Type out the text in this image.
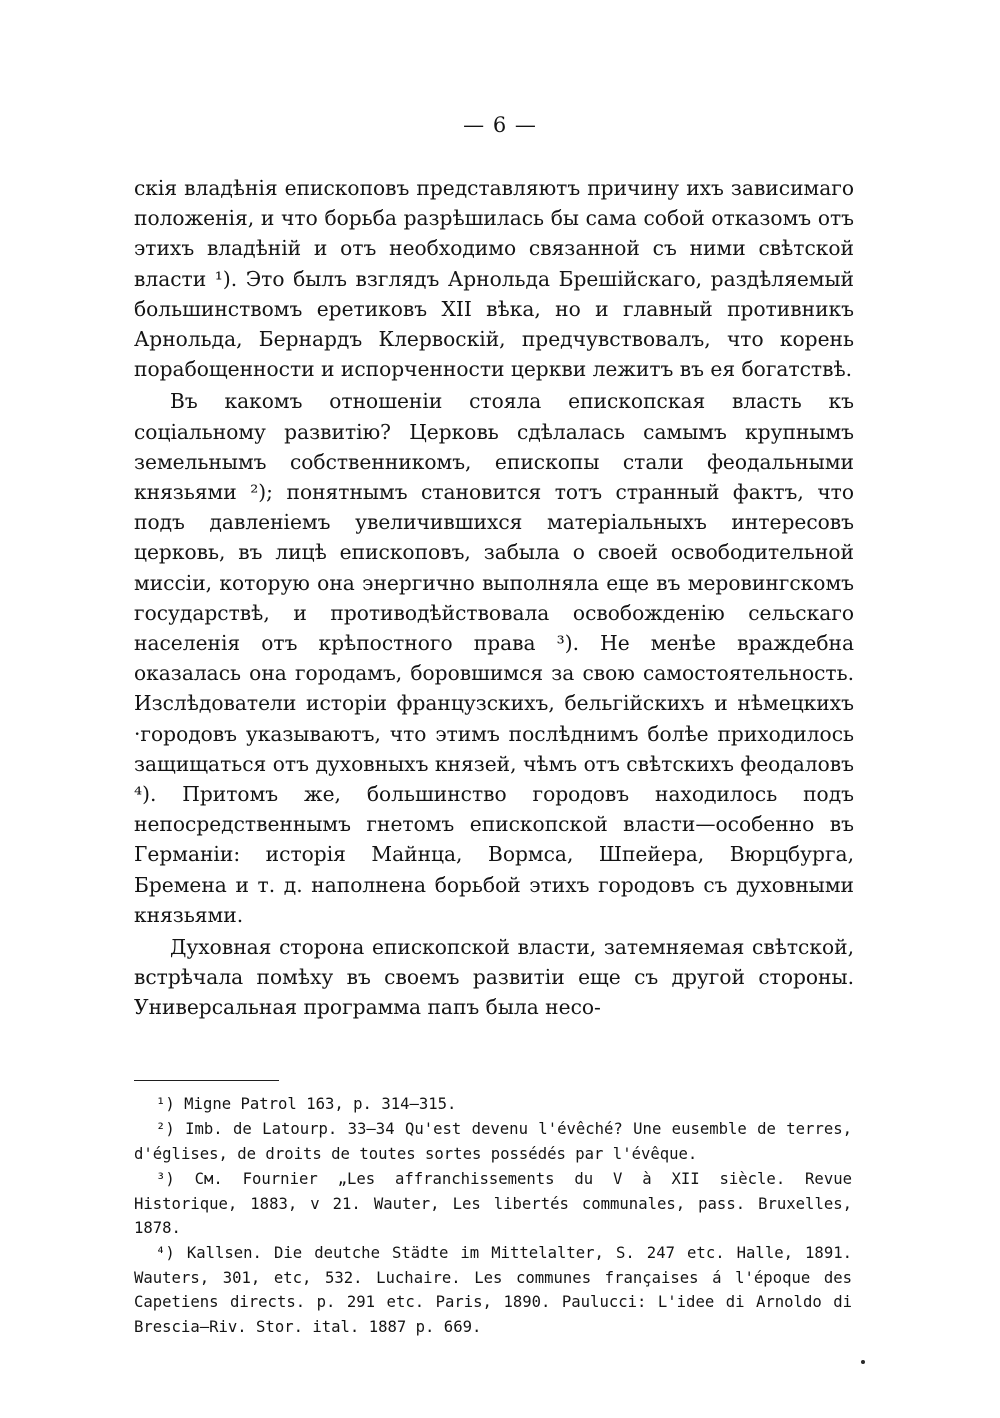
— 6 —

скія владѣнія епископовъ представляютъ причину ихъ зависимаго положенія, и что борьба разрѣшилась бы сама собой отказомъ отъ этихъ владѣній и отъ необходимо связанной съ ними свѣтской власти ¹). Это былъ взглядъ Арнольда Брешійскаго, раздѣляемый большинствомъ еретиковъ XII вѣка, но и главный противникъ Арнольда, Бернардъ Клервоскій, предчувствовалъ, что корень порабощенности и испорченности церкви лежитъ въ ея богатствѣ.

Въ какомъ отношеніи стояла епископская власть къ соціальному развитію? Церковь сдѣлалась самымъ крупнымъ земельнымъ собственникомъ, епископы стали феодальными князьями ²); понятнымъ становится тотъ странный фактъ, что подъ давленіемъ увеличившихся матеріальныхъ интересовъ церковь, въ лицѣ епископовъ, забыла о своей освободительной миссіи, которую она энергично выполняла еще въ меровингскомъ государствѣ, и противодѣйствовала освобожденію сельскаго населенія отъ крѣпостного права ³). Не менѣе враждебна оказалась она городамъ, боровшимся за свою самостоятельность. Изслѣдователи исторіи французскихъ, бельгійскихъ и нѣмецкихъ ·городовъ указываютъ, что этимъ послѣднимъ болѣе приходилось защищаться отъ духовныхъ князей, чѣмъ отъ свѣтскихъ феодаловъ ⁴). Притомъ же, большинство городовъ находилось подъ непосредственнымъ гнетомъ епископской власти—особенно въ Германіи: исторія Майнца, Вормса, Шпейера, Вюрцбурга, Бремена и т. д. наполнена борьбой этихъ городовъ съ духовными князьями.

Духовная сторона епископской власти, затемняемая свѣтской, встрѣчала помѣху въ своемъ развитіи еще съ другой стороны. Универсальная программа папъ была несо-

¹) Migne Patrol 163, p. 314—315.

²) Imb. de Latourp. 33—34 Qu'est devenu l'évêché? Une eusemble de terres, d'églises, de droits de toutes sortes possédés par l'évêque.

³) См. Fournier „Les affranchissements du V à XII siècle. Revue Historique, 1883, v 21. Wauter, Les libertés communales, pass. Bruxelles, 1878.

⁴) Kallsen. Die deutche Städte im Mittelalter, S. 247 etc. Halle, 1891. Wauters, 301, etc, 532. Luchaire. Les communes françaises á l'époque des Capetiens directs. p. 291 etc. Paris, 1890. Paulucci: L'idee di Arnoldo di Brescia—Riv. Stor. ital. 1887 p. 669.
